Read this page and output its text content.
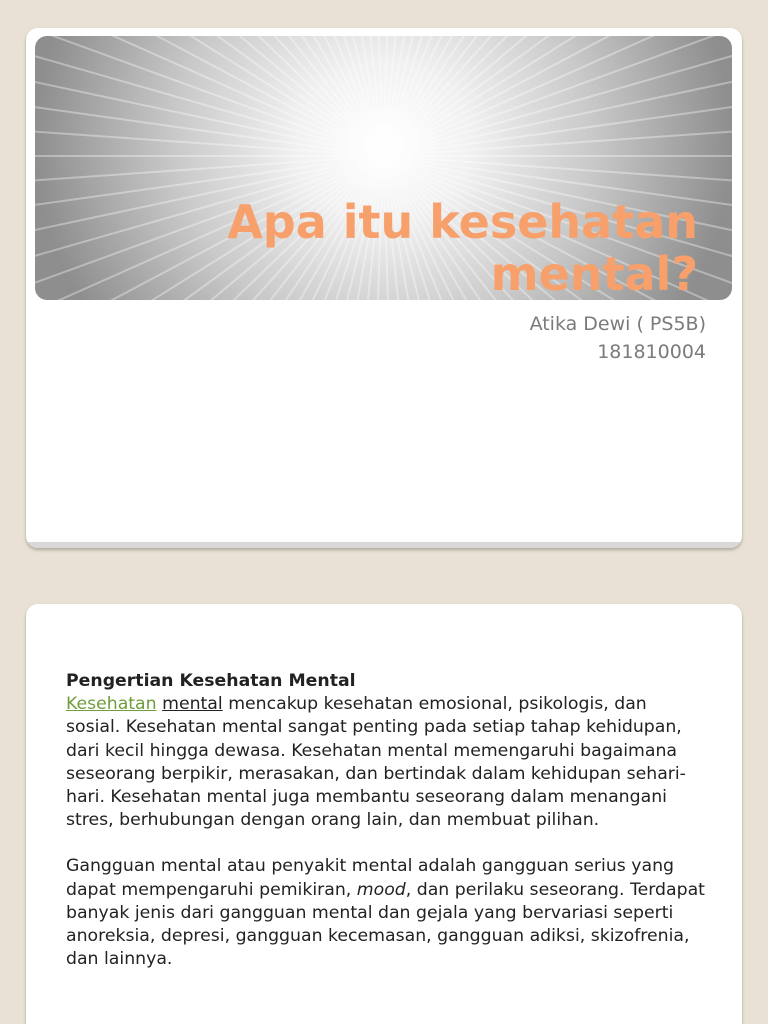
Apa itu kesehatan
mental?
Atika Dewi ( PS5B)
181810004

Pengertian Kesehatan Mental

Kesehatan mental mencakup kesehatan emosional, psikologis, dan sosial. Kesehatan mental sangat penting pada setiap tahap kehidupan, dari kecil hingga dewasa. Kesehatan mental memengaruhi bagaimana seseorang berpikir, merasakan, dan bertindak dalam kehidupan sehari-hari. Kesehatan mental juga membantu seseorang dalam menangani stres, berhubungan dengan orang lain, dan membuat pilihan.

Gangguan mental atau penyakit mental adalah gangguan serius yang dapat mempengaruhi pemikiran, mood, dan perilaku seseorang. Terdapat banyak jenis dari gangguan mental dan gejala yang bervariasi seperti anoreksia, depresi, gangguan kecemasan, gangguan adiksi, skizofrenia, dan lainnya.
